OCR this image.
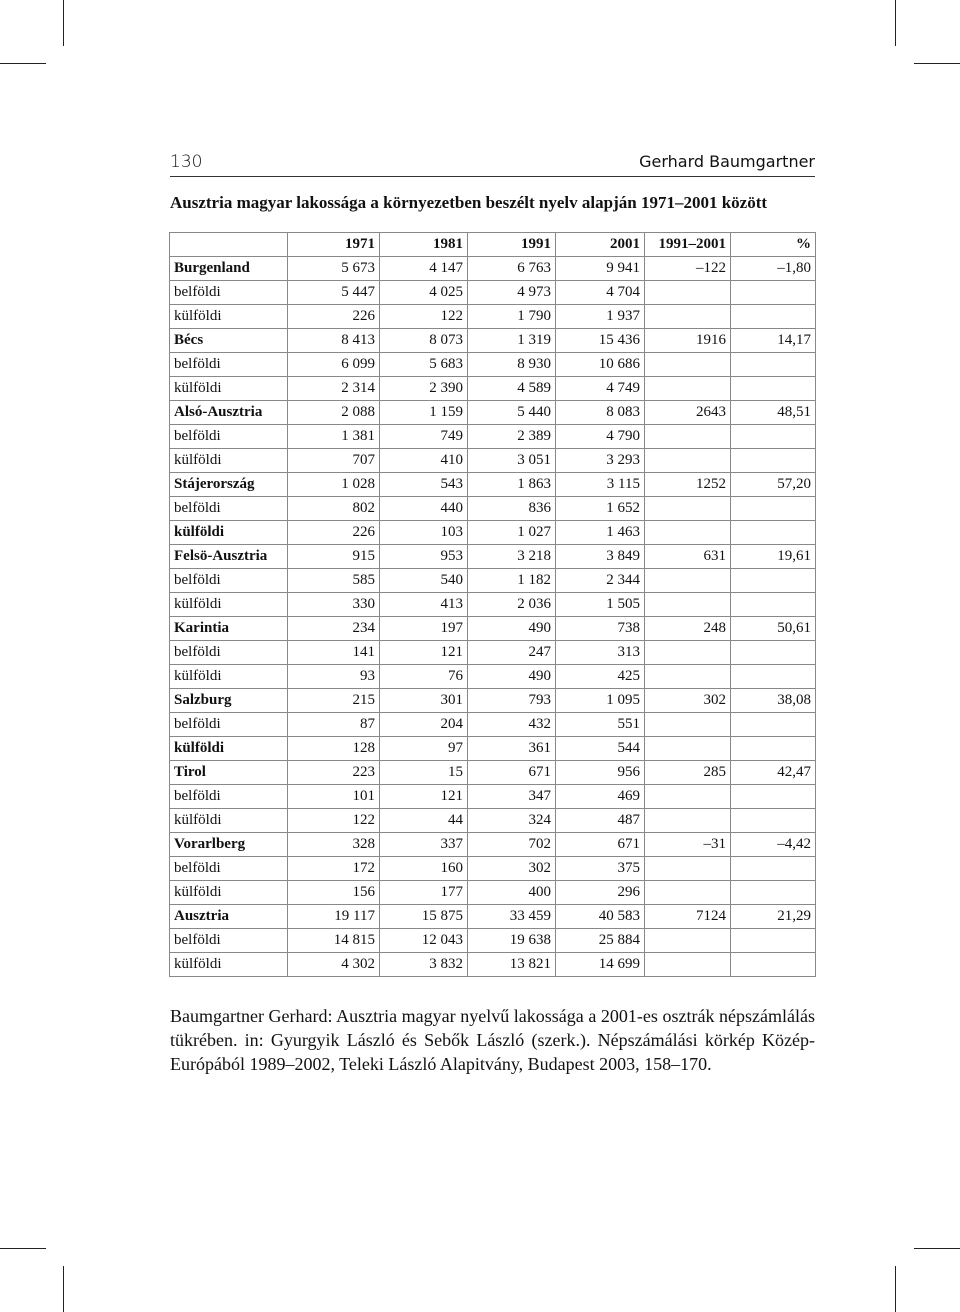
130	Gerhard Baumgartner
Ausztria magyar lakossága a környezetben beszélt nyelv alapján 1971–2001 között
	1971	1981	1991	2001	1991–2001	%
Burgenland	5 673	4 147	6 763	9 941	–122	–1,80
belföldi	5 447	4 025	4 973	4 704		
külföldi	226	122	1 790	1 937		
Bécs	8 413	8 073	1 319	15 436	1916	14,17
belföldi	6 099	5 683	8 930	10 686		
külföldi	2 314	2 390	4 589	4 749		
Alsó-Ausztria	2 088	1 159	5 440	8 083	2643	48,51
belföldi	1 381	749	2 389	4 790		
külföldi	707	410	3 051	3 293		
Stájerország	1 028	543	1 863	3 115	1252	57,20
belföldi	802	440	836	1 652		
külföldi	226	103	1 027	1 463		
Felsö-Ausztria	915	953	3 218	3 849	631	19,61
belföldi	585	540	1 182	2 344		
külföldi	330	413	2 036	1 505		
Karintia	234	197	490	738	248	50,61
belföldi	141	121	247	313		
külföldi	93	76	490	425		
Salzburg	215	301	793	1 095	302	38,08
belföldi	87	204	432	551		
külföldi	128	97	361	544		
Tirol	223	15	671	956	285	42,47
belföldi	101	121	347	469		
külföldi	122	44	324	487		
Vorarlberg	328	337	702	671	–31	–4,42
belföldi	172	160	302	375		
külföldi	156	177	400	296		
Ausztria	19 117	15 875	33 459	40 583	7124	21,29
belföldi	14 815	12 043	19 638	25 884		
külföldi	4 302	3 832	13 821	14 699		
Baumgartner Gerhard: Ausztria magyar nyelvű lakossága a 2001-es osztrák népszámlálás tükrében. in: Gyurgyik László és Sebők László (szerk.). Népszámálási körkép Közép-Európából 1989–2002, Teleki László Alapitvány, Budapest 2003, 158–170.
